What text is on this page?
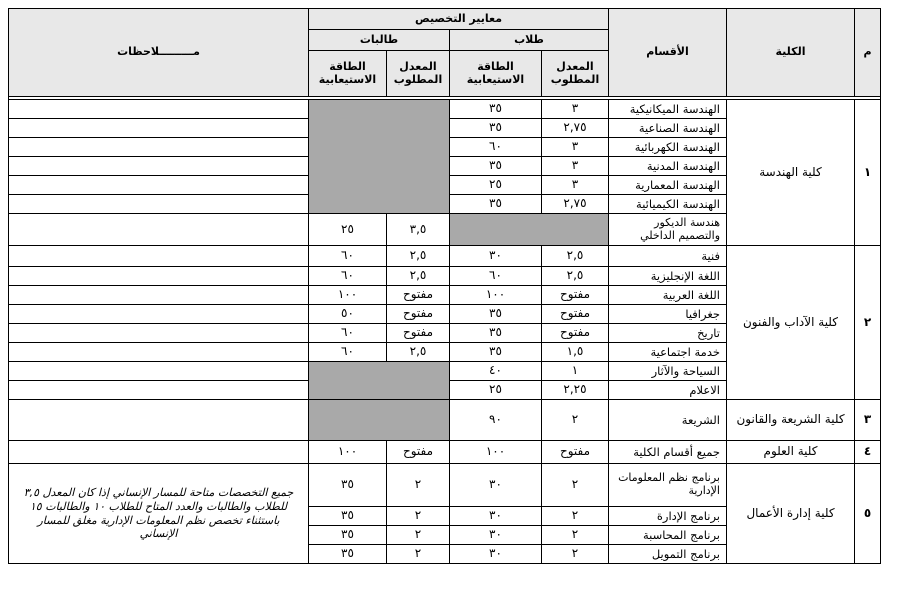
م	الكلية	الأقسام	معايير التخصيص				مـــــــــلاحظات
			طلاب		طالبات		
			المعدل المطلوب	الطاقة الاستيعابية	المعدل المطلوب	الطاقة الاستيعابية	

١	كلية الهندسة	الهندسة الميكانيكية	٣	٣٥			
		الهندسة الصناعية	٢,٧٥	٣٥			
		الهندسة الكهربائية	٣	٦٠			
		الهندسة المدنية	٣	٣٥			
		الهندسة المعمارية	٣	٢٥			
		الهندسة الكيميائية	٢,٧٥	٣٥			
		هندسة الديكور والتصميم الداخلي			٣,٥	٢٥	
٢	كلية الآداب والفنون	فنية	٢,٥	٣٠	٢,٥	٦٠	
		اللغة الإنجليزية	٢,٥	٦٠	٢,٥	٦٠	
		اللغة العربية	مفتوح	١٠٠	مفتوح	١٠٠	
		جغرافيا	مفتوح	٣٥	مفتوح	٥٠	
		تاريخ	مفتوح	٣٥	مفتوح	٦٠	
		خدمة اجتماعية	١,٥	٣٥	٢,٥	٦٠	
		السياحة والآثار	١	٤٠			
		الاعلام	٢,٢٥	٢٥			
٣	كلية الشريعة والقانون	الشريعة	٢	٩٠			
٤	كلية العلوم	جميع أقسام الكلية	مفتوح	١٠٠	مفتوح	١٠٠	
٥	كلية إدارة الأعمال	برنامج نظم المعلومات الإدارية	٢	٣٠	٢	٣٥	جميع التخصصات متاحة للمسار الإنساني إذا كان المعدل ٣,٥ للطلاب والطالبات والعدد المتاح للطلاب ١٠ والطالبات ١٥ باستثناء تخصص نظم المعلومات الإدارية مغلق للمسار الإنساني
		برنامج الإدارة	٢	٣٠	٢	٣٥	
		برنامج المحاسبة	٢	٣٠	٢	٣٥	
		برنامج التمويل	٢	٣٠	٢	٣٥	
